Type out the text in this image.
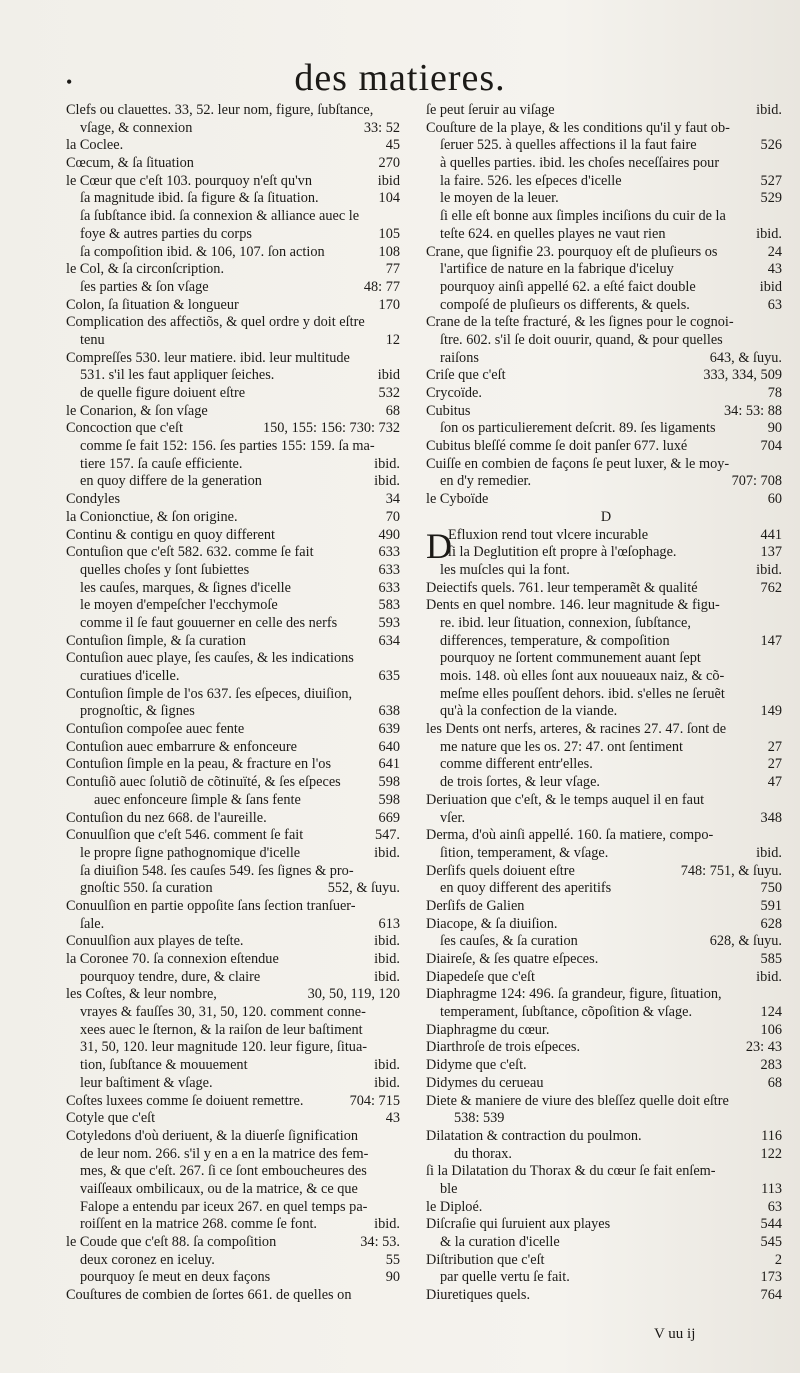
•	des matieres.
Clefs ou clauettes. 33, 52. leur nom, figure, ſubſtance,
vſage, & connexion	33: 52
la Coclee.	45
Cœcum, & ſa ſituation	270
le Cœur que c'eſt 103. pourquoy n'eſt qu'vn	ibid
ſa magnitude ibid. ſa figure & ſa ſituation.	104
ſa ſubſtance ibid. ſa connexion & alliance auec le
foye & autres parties du corps	105
ſa compoſition ibid. & 106, 107. ſon action	108
le Col, & ſa circonſcription.	77
ſes parties & ſon vſage	48: 77
Colon, ſa ſituation & longueur	170
Complication des affectiõs, & quel ordre y doit eſtre
tenu	12
Compreſſes 530. leur matiere. ibid. leur multitude
531. s'il les faut appliquer ſeiches.	ibid
de quelle figure doiuent eſtre	532
le Conarion, & ſon vſage	68
Concoction que c'eſt	150, 155: 156: 730: 732
comme ſe fait 152: 156. ſes parties 155: 159. ſa ma-
tiere 157. ſa cauſe efficiente.	ibid.
en quoy differe de la generation	ibid.
Condyles	34
la Conionctiue, & ſon origine.	70
Continu & contigu en quoy different	490
Contuſion que c'eſt 582. 632. comme ſe fait	633
quelles choſes y ſont ſubiettes	633
les cauſes, marques, & ſignes d'icelle	633
le moyen d'empeſcher l'ecchymoſe	583
comme il ſe faut gouuerner en celle des nerfs	593
Contuſion ſimple, & ſa curation	634
Contuſion auec playe, ſes cauſes, & les indications
curatiues d'icelle.	635
Contuſion ſimple de l'os 637. ſes eſpeces, diuiſion,
prognoſtic, & ſignes	638
Contuſion compoſee auec fente	639
Contuſion auec embarrure & enfonceure	640
Contuſion ſimple en la peau, & fracture en l'os	641
Contuſiõ auec ſolutiõ de cõtinuïté, & ſes eſpeces	598
auec enfonceure ſimple & ſans fente	598
Contuſion du nez 668. de l'aureille.	669
Conuulſion que c'eſt 546. comment ſe fait	547.
le propre ſigne pathognomique d'icelle	ibid.
ſa diuiſion 548. ſes cauſes 549. ſes ſignes & pro-
gnoſtic 550. ſa curation	552, & ſuyu.
Conuulſion en partie oppoſite ſans ſection tranſuer-
ſale.	613
Conuulſion aux playes de teſte.	ibid.
la Coronee 70. ſa connexion eſtendue	ibid.
pourquoy tendre, dure, & claire	ibid.
les Coſtes, & leur nombre,	30, 50, 119, 120
vrayes & fauſſes 30, 31, 50, 120. comment conne-
xees auec le ſternon, & la raiſon de leur baſtiment
31, 50, 120. leur magnitude 120. leur figure, ſitua-
tion, ſubſtance & mouuement	ibid.
leur baſtiment & vſage.	ibid.
Coſtes luxees comme ſe doiuent remettre.	704: 715
Cotyle que c'eſt	43
Cotyledons d'où deriuent, & la diuerſe ſignification
de leur nom. 266. s'il y en a en la matrice des fem-
mes, & que c'eſt. 267. ſi ce ſont emboucheures des
vaiſſeaux ombilicaux, ou de la matrice, & ce que
Falope a entendu par iceux 267. en quel temps pa-
roiſſent en la matrice 268. comme ſe font.	ibid.
le Coude que c'eſt 88. ſa compoſition	34: 53.
deux coronez en iceluy.	55
pourquoy ſe meut en deux façons	90
Couſtures de combien de ſortes 661. de quelles on
ſe peut ſeruir au viſage	ibid.
Couſture de la playe, & les conditions qu'il y faut ob-
ſeruer 525. à quelles affections il la faut faire	526
à quelles parties. ibid. les choſes neceſſaires pour
la faire. 526. les eſpeces d'icelle	527
le moyen de la leuer.	529
ſi elle eſt bonne aux ſimples inciſions du cuir de la
teſte 624. en quelles playes ne vaut rien	ibid.
Crane, que ſignifie 23. pourquoy eſt de pluſieurs os	24
l'artifice de nature en la fabrique d'iceluy	43
pourquoy ainſi appellé 62. a eſté faict double	ibid
compoſé de pluſieurs os differents, & quels.	63
Crane de la teſte fracturé, & les ſignes pour le cognoi-
ſtre. 602. s'il ſe doit ouurir, quand, & pour quelles
raiſons	643, & ſuyu.
Criſe que c'eſt	333, 334, 509
Crycoïde.	78
Cubitus	34: 53: 88
ſon os particulierement deſcrit. 89. ſes ligaments	90
Cubitus bleſſé comme ſe doit panſer 677. luxé	704
Cuiſſe en combien de façons ſe peut luxer, & le moy-
en d'y remedier.	707: 708
le Cyboïde	60
D
D
Efluxion rend tout vlcere incurable	441
ſi la Deglutition eſt propre à l'œſophage.	137
les muſcles qui la font.	ibid.
Deiectifs quels. 761. leur temperamẽt & qualité	762
Dents en quel nombre. 146. leur magnitude & figu-
re. ibid. leur ſituation, connexion, ſubſtance,
differences, temperature, & compoſition	147
pourquoy ne ſortent communement auant ſept
mois. 148. où elles ſont aux nouueaux naiz, & cõ-
meſme elles pouſſent dehors. ibid. s'elles ne ſeruẽt
qu'à la confection de la viande.	149
les Dents ont nerfs, arteres, & racines 27. 47. ſont de
me nature que les os. 27: 47. ont ſentiment	27
comme different entr'elles.	27
de trois ſortes, & leur vſage.	47
Deriuation que c'eſt, & le temps auquel il en faut
vſer.	348
Derma, d'où ainſi appellé. 160. ſa matiere, compo-
ſition, temperament, & vſage.	ibid.
Derſifs quels doiuent eſtre	748: 751, & ſuyu.
en quoy different des aperitifs	750
Derſifs de Galien	591
Diacope, & ſa diuiſion.	628
ſes cauſes, & ſa curation	628, & ſuyu.
Diaireſe, & ſes quatre eſpeces.	585
Diapedeſe que c'eſt	ibid.
Diaphragme 124: 496. ſa grandeur, figure, ſituation,
temperament, ſubſtance, cõpoſition & vſage.	124
Diaphragme du cœur.	106
Diarthroſe de trois eſpeces.	23: 43
Didyme que c'eſt.	283
Didymes du cerueau	68
Diete & maniere de viure des bleſſez quelle doit eſtre
538: 539
Dilatation & contraction du poulmon.	116
du thorax.	122
ſi la Dilatation du Thorax & du cœur ſe fait enſem-
ble	113
le Diploé.	63
Diſcraſie qui ſuruient aux playes	544
& la curation d'icelle	545
Diſtribution que c'eſt	2
par quelle vertu ſe fait.	173
Diuretiques quels.	764
V uu ij
